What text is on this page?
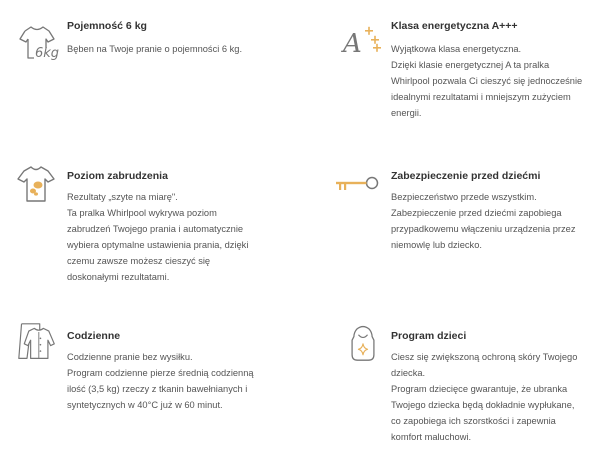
6kg
Pojemność 6 kg
Bęben na Twoje pranie o pojemności 6 kg.	A
Klasa energetyczna A+++
Wyjątkowa klasa energetyczna.
Dzięki klasie energetycznej A ta pralka
Whirlpool pozwala Ci cieszyć się jednocześnie
idealnymi rezultatami i mniejszym zużyciem
energii.
Poziom zabrudzenia
Rezultaty „szyte na miarę".
Ta pralka Whirlpool wykrywa poziom
zabrudzeń Twojego prania i automatycznie
wybiera optymalne ustawienia prania, dzięki
czemu zawsze możesz cieszyć się
doskonałymi rezultatami.
Zabezpieczenie przed dziećmi
Bezpieczeństwo przede wszystkim.
Zabezpieczenie przed dziećmi zapobiega
przypadkowemu włączeniu urządzenia przez
niemowlę lub dziecko.
Codzienne
Codzienne pranie bez wysiłku.
Program codzienne pierze średnią codzienną
ilość (3,5 kg) rzeczy z tkanin bawełnianych i
syntetycznych w 40°C już w 60 minut.
Program dzieci
Ciesz się zwiększoną ochroną skóry Twojego
dziecka.
Program dziecięce gwarantuje, że ubranka
Twojego dziecka będą dokładnie wypłukane,
co zapobiega ich szorstkości i zapewnia
komfort maluchowi.
